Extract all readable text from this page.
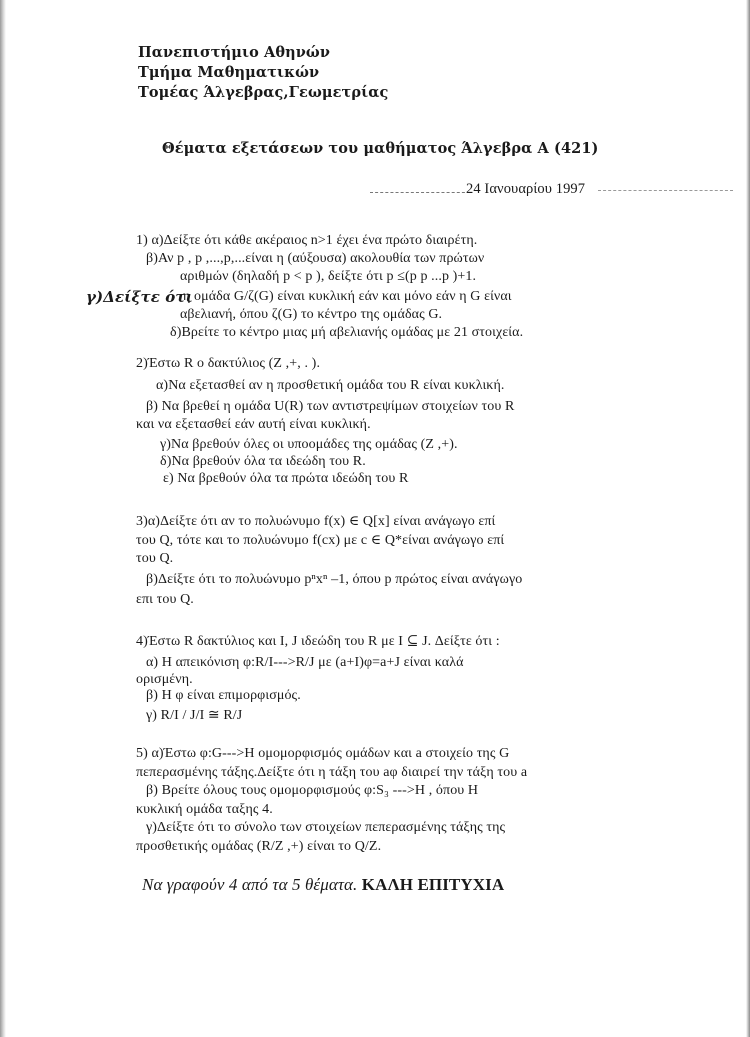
Πανεπιστήμιο Αθηνών
Τμήμα Μαθηματικών
Τομέας Άλγεβρας,Γεωμετρίας
Θέματα εξετάσεων του μαθήματος Άλγεβρα Α (421)
24 Ιανουαρίου 1997
1) α)Δείξτε ότι κάθε ακέραιος n>1 έχει ένα πρώτο διαιρέτη.
β)Αν p , p ,...,p,...είναι η (αύξουσα) ακολουθία των πρώτων
αριθμών (δηλαδή p < p ), δείξτε ότι p ≤(p p ...p )+1.
γ)Δείξτε ότι
η ομάδα G/ζ(G) είναι κυκλική εάν και μόνο εάν η G είναι
αβελιανή, όπου ζ(G) το κέντρο της ομάδας G.
δ)Βρείτε το κέντρο μιας μή αβελιανής ομάδας με 21 στοιχεία.
2)Έστω R ο δακτύλιος (Z ,+, . ).
α)Να εξετασθεί αν η προσθετική ομάδα του R είναι κυκλική.
β) Να βρεθεί η ομάδα U(R) των αντιστρεψίμων στοιχείων του R
και να εξετασθεί εάν αυτή είναι κυκλική.
γ)Να βρεθούν όλες οι υποομάδες της ομάδας (Z ,+).
δ)Να βρεθούν όλα τα ιδεώδη του R.
ε) Να βρεθούν όλα τα πρώτα ιδεώδη του R
3)α)Δείξτε ότι αν το πολυώνυμο f(x) ∈ Q[x] είναι ανάγωγο επί
του Q, τότε και το πολυώνυμο f(cx) με c ∈ Q*είναι ανάγωγο επί
του Q.
β)Δείξτε ότι το πολυώνυμο pⁿxⁿ –1, όπου p πρώτος είναι ανάγωγο
επι του Q.
4)Έστω R δακτύλιος και I, J ιδεώδη του R με I ⊆ J. Δείξτε ότι :
α) Η απεικόνιση φ:R/I--->R/J με (a+I)φ=a+J είναι καλά
ορισμένη.
β) Η φ είναι επιμορφισμός.
γ) R/I / J/I ≅ R/J
5) α)Έστω φ:G--->H ομομορφισμός ομάδων και a στοιχείο της G
πεπερασμένης τάξης.Δείξτε ότι η τάξη του aφ διαιρεί την τάξη του a
β) Βρείτε όλους τους ομομορφισμούς φ:S₃ --->H , όπου H
κυκλική ομάδα ταξης 4.
γ)Δείξτε ότι το σύνολο των στοιχείων πεπερασμένης τάξης της
προσθετικής ομάδας (R/Z ,+) είναι το Q/Z.
Να γραφούν 4 από τα 5 θέματα. ΚΑΛΗ ΕΠΙΤΥΧΙΑ
